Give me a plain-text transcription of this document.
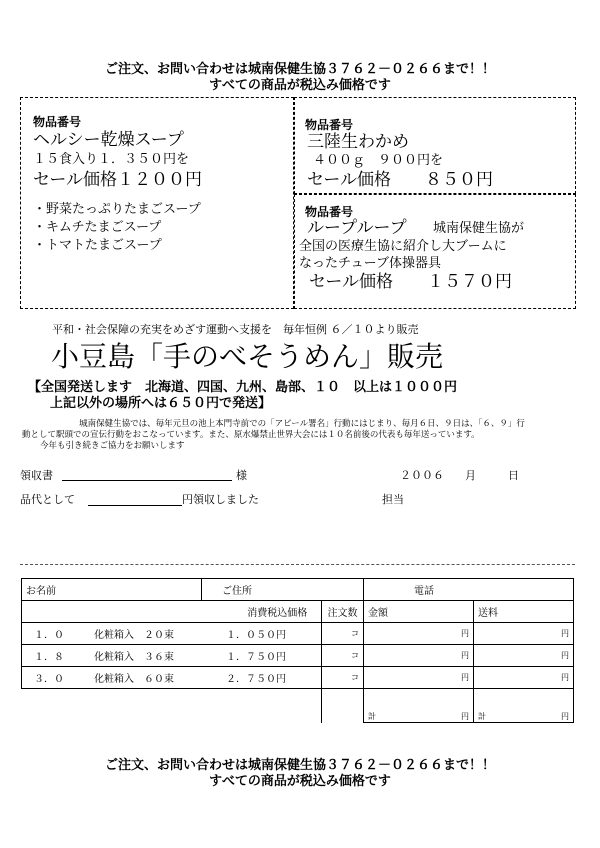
ご注文、お問い合わせは城南保健生協３７６２－０２６６まで！！
すべての商品が税込み価格です
物品番号
ヘルシー乾燥スープ
１５食入り１．３５０円を
セール価格１２００円
・野菜たっぷりたまごスープ
・キムチたまごスープ
・トマトたまごスープ
物品番号
三陸生わかめ
４００ｇ　９００円を
セール価格　　８５０円
物品番号
ループループ 城南保健生協が
全国の医療生協に紹介し大ブームに
なったチューブ体操器具
セール価格　　１５７０円
平和・社会保障の充実をめざす運動へ支援を　毎年恒例 ６／１０より販売
小豆島「手のべそうめん」販売
【全国発送します　北海道、四国、九州、島部、１０　以上は１０００円
上記以外の場所へは６５０円で発送】
城南保健生協では、毎年元旦の池上本門寺前での「アピール署名」行動にはじまり、毎月６日、９日は、「６、９」行
動として駅頭での宣伝行動をおこなっています。また、原水爆禁止世界大会には１０名前後の代表も毎年送っています。
今年も引き続きご協力をお願いします
領収書	様	２００６ 月	日
品代として	円領収しました	担当
お名前	ご住所			電話	
		消費税込価格	注文数	金額	送料
１．０ 化粧箱入　２０束 １．０５０円			コ	円	円
１．８ 化粧箱入　３６束 １．７５０円			コ	円	円
３．０ 化粧箱入　６０束 ２．７５０円			コ	円	円
				計 円	計 円
ご注文、お問い合わせは城南保健生協３７６２－０２６６まで！！
すべての商品が税込み価格です
